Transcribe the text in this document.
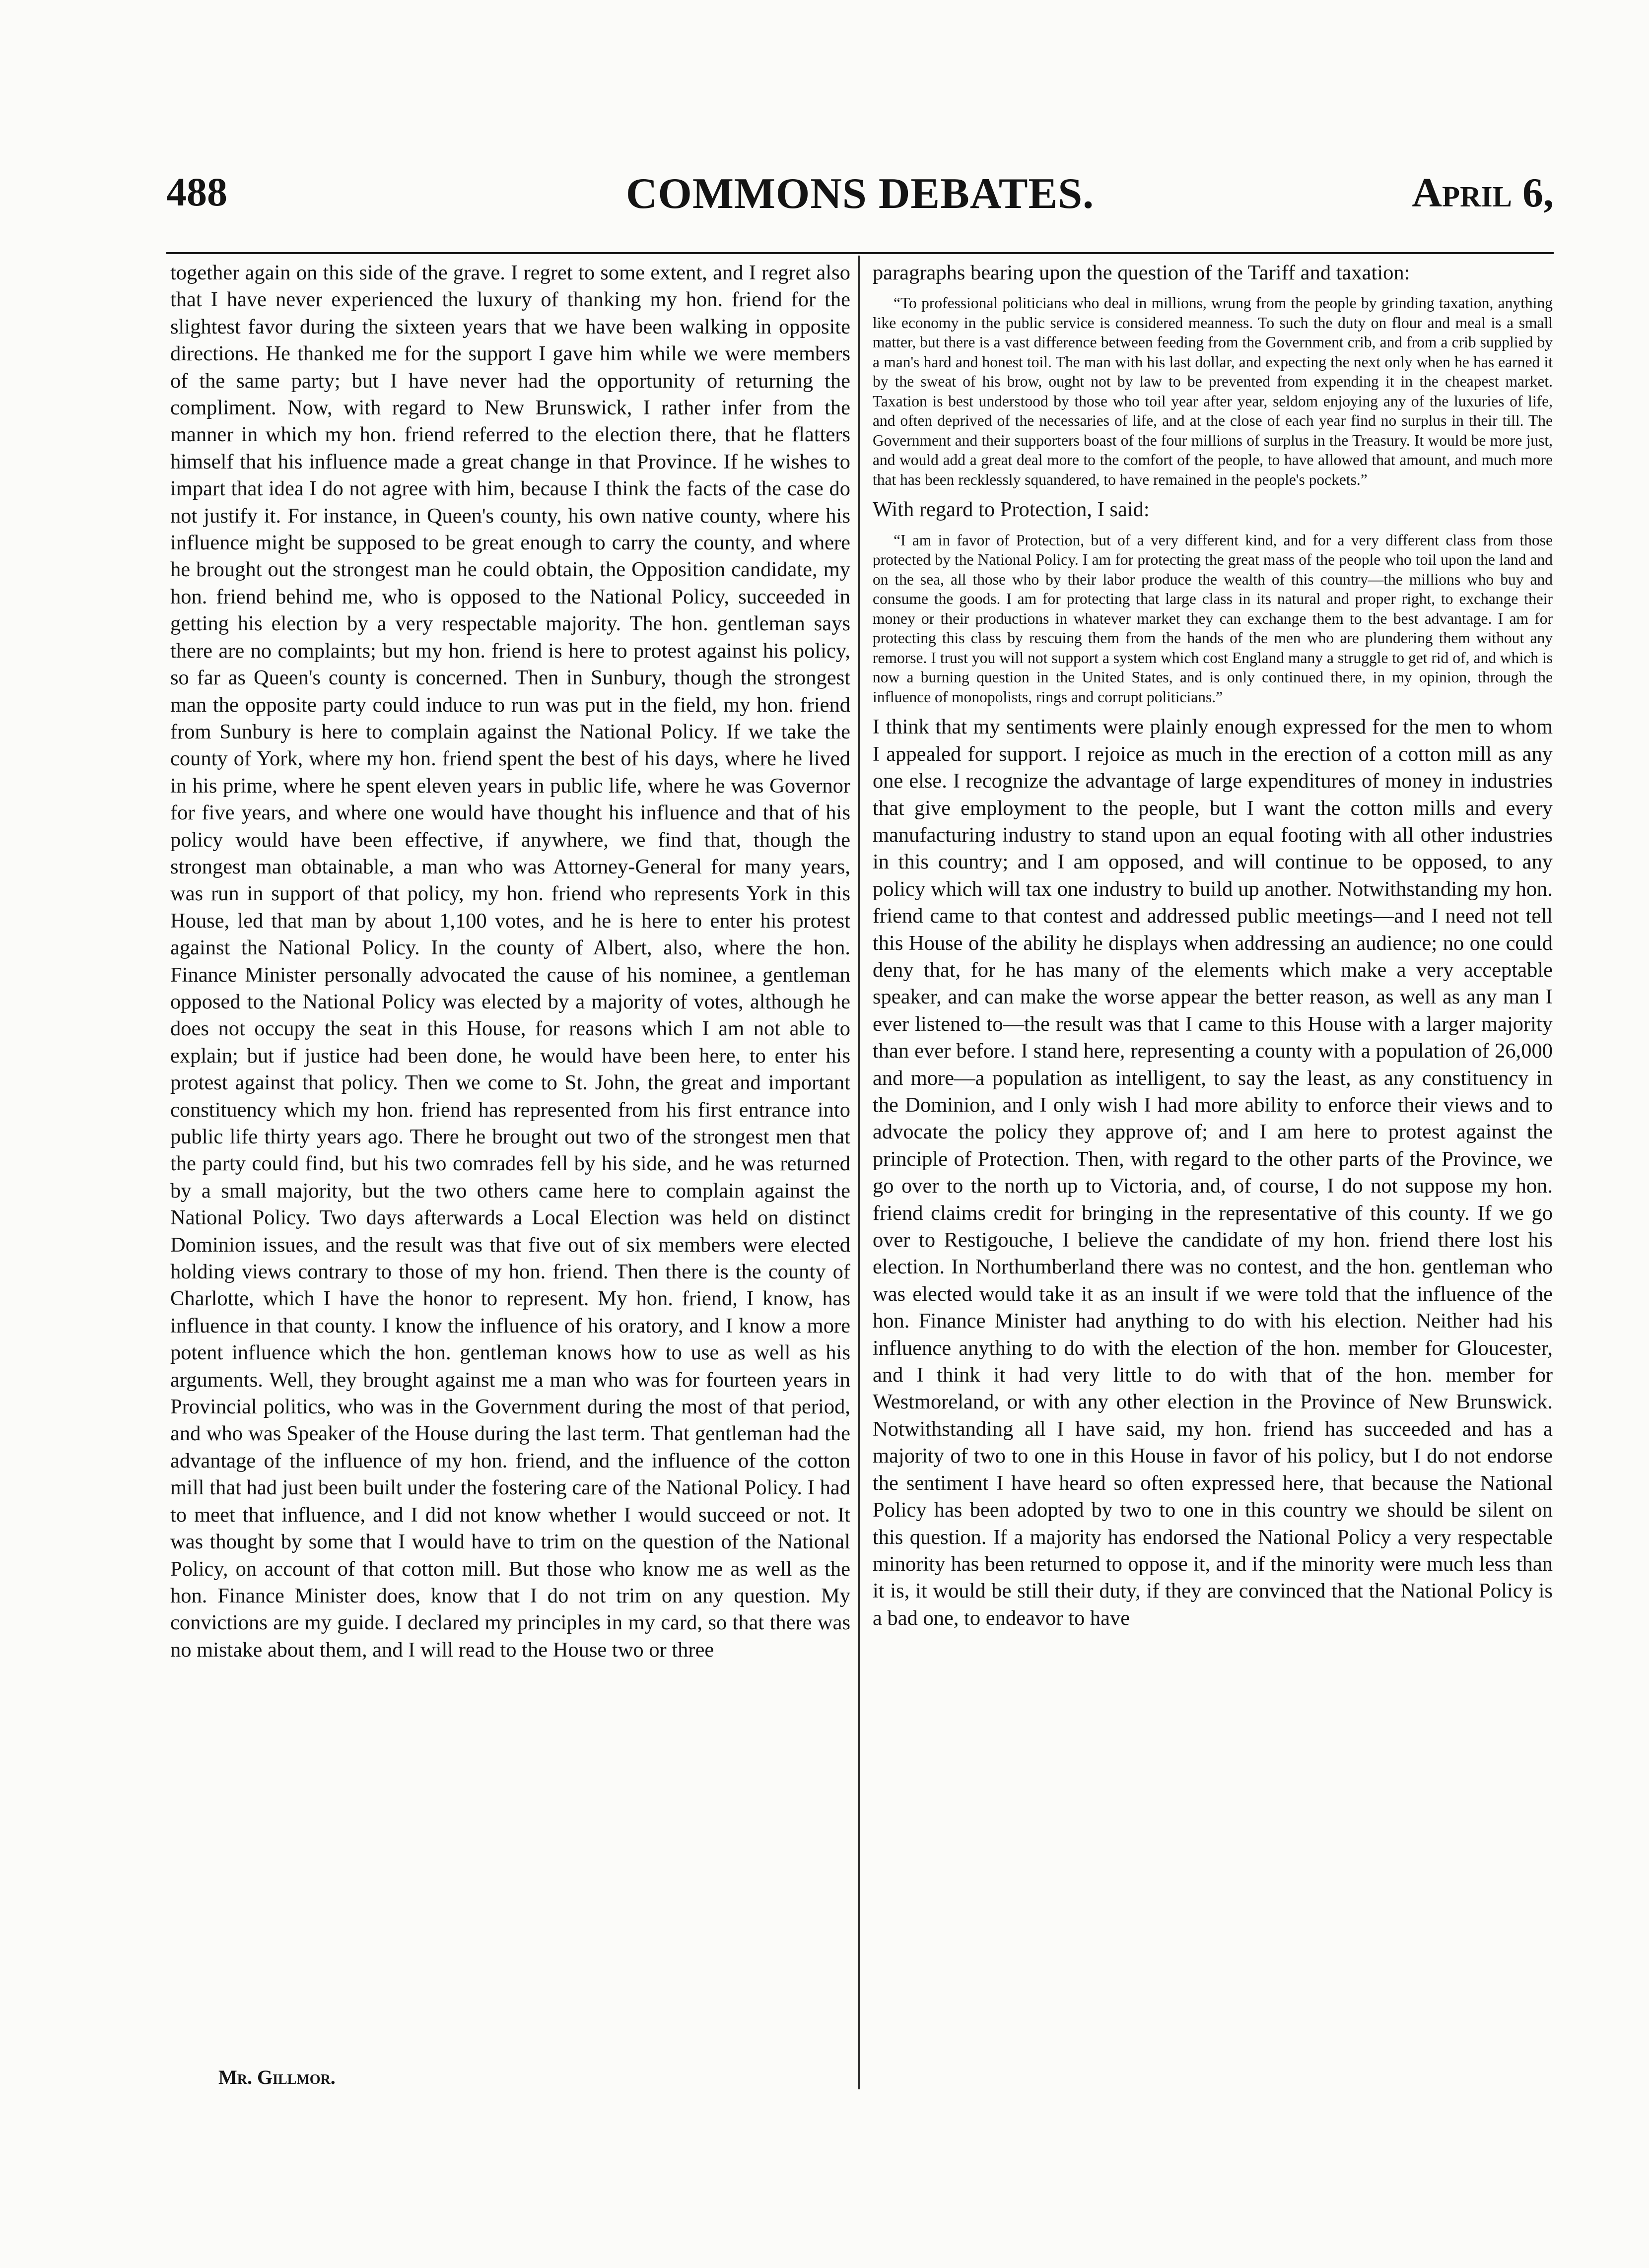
488	COMMONS DEBATES.	April 6,

together again on this side of the grave. I regret to some extent, and I regret also that I have never experienced the luxury of thanking my hon. friend for the slightest favor during the sixteen years that we have been walking in opposite directions. He thanked me for the support I gave him while we were members of the same party; but I have never had the opportunity of returning the compliment. Now, with regard to New Brunswick, I rather infer from the manner in which my hon. friend referred to the election there, that he flatters himself that his influence made a great change in that Province. If he wishes to impart that idea I do not agree with him, because I think the facts of the case do not justify it. For instance, in Queen's county, his own native county, where his influence might be supposed to be great enough to carry the county, and where he brought out the strongest man he could obtain, the Opposition candidate, my hon. friend behind me, who is opposed to the National Policy, succeeded in getting his election by a very respectable majority. The hon. gentleman says there are no complaints; but my hon. friend is here to protest against his policy, so far as Queen's county is concerned. Then in Sunbury, though the strongest man the opposite party could induce to run was put in the field, my hon. friend from Sunbury is here to complain against the National Policy. If we take the county of York, where my hon. friend spent the best of his days, where he lived in his prime, where he spent eleven years in public life, where he was Governor for five years, and where one would have thought his influence and that of his policy would have been effective, if anywhere, we find that, though the strongest man obtainable, a man who was Attorney-General for many years, was run in support of that policy, my hon. friend who represents York in this House, led that man by about 1,100 votes, and he is here to enter his protest against the National Policy. In the county of Albert, also, where the hon. Finance Minister personally advocated the cause of his nominee, a gentleman opposed to the National Policy was elected by a majority of votes, although he does not occupy the seat in this House, for reasons which I am not able to explain; but if justice had been done, he would have been here, to enter his protest against that policy. Then we come to St. John, the great and important constituency which my hon. friend has represented from his first entrance into public life thirty years ago. There he brought out two of the strongest men that the party could find, but his two comrades fell by his side, and he was returned by a small majority, but the two others came here to complain against the National Policy. Two days afterwards a Local Election was held on distinct Dominion issues, and the result was that five out of six members were elected holding views contrary to those of my hon. friend. Then there is the county of Charlotte, which I have the honor to represent. My hon. friend, I know, has influence in that county. I know the influence of his oratory, and I know a more potent influence which the hon. gentleman knows how to use as well as his arguments. Well, they brought against me a man who was for fourteen years in Provincial politics, who was in the Government during the most of that period, and who was Speaker of the House during the last term. That gentleman had the advantage of the influence of my hon. friend, and the influence of the cotton mill that had just been built under the fostering care of the National Policy. I had to meet that influence, and I did not know whether I would succeed or not. It was thought by some that I would have to trim on the question of the National Policy, on account of that cotton mill. But those who know me as well as the hon. Finance Minister does, know that I do not trim on any question. My convictions are my guide. I declared my principles in my card, so that there was no mistake about them, and I will read to the House two or three

paragraphs bearing upon the question of the Tariff and taxation:

“To professional politicians who deal in millions, wrung from the people by grinding taxation, anything like economy in the public service is considered meanness. To such the duty on flour and meal is a small matter, but there is a vast difference between feeding from the Government crib, and from a crib supplied by a man's hard and honest toil. The man with his last dollar, and expecting the next only when he has earned it by the sweat of his brow, ought not by law to be prevented from expending it in the cheapest market. Taxation is best understood by those who toil year after year, seldom enjoying any of the luxuries of life, and often deprived of the necessaries of life, and at the close of each year find no surplus in their till. The Government and their supporters boast of the four millions of surplus in the Treasury. It would be more just, and would add a great deal more to the comfort of the people, to have allowed that amount, and much more that has been recklessly squandered, to have remained in the people's pockets.”

With regard to Protection, I said:

“I am in favor of Protection, but of a very different kind, and for a very different class from those protected by the National Policy. I am for protecting the great mass of the people who toil upon the land and on the sea, all those who by their labor produce the wealth of this country—the millions who buy and consume the goods. I am for protecting that large class in its natural and proper right, to exchange their money or their productions in whatever market they can exchange them to the best advantage. I am for protecting this class by rescuing them from the hands of the men who are plundering them without any remorse. I trust you will not support a system which cost England many a struggle to get rid of, and which is now a burning question in the United States, and is only continued there, in my opinion, through the influence of monopolists, rings and corrupt politicians.”

I think that my sentiments were plainly enough expressed for the men to whom I appealed for support. I rejoice as much in the erection of a cotton mill as any one else. I recognize the advantage of large expenditures of money in industries that give employment to the people, but I want the cotton mills and every manufacturing industry to stand upon an equal footing with all other industries in this country; and I am opposed, and will continue to be opposed, to any policy which will tax one industry to build up another. Notwithstanding my hon. friend came to that contest and addressed public meetings—and I need not tell this House of the ability he displays when addressing an audience; no one could deny that, for he has many of the elements which make a very acceptable speaker, and can make the worse appear the better reason, as well as any man I ever listened to—the result was that I came to this House with a larger majority than ever before. I stand here, representing a county with a population of 26,000 and more—a population as intelligent, to say the least, as any constituency in the Dominion, and I only wish I had more ability to enforce their views and to advocate the policy they approve of; and I am here to protest against the principle of Protection. Then, with regard to the other parts of the Province, we go over to the north up to Victoria, and, of course, I do not suppose my hon. friend claims credit for bringing in the representative of this county. If we go over to Restigouche, I believe the candidate of my hon. friend there lost his election. In Northumberland there was no contest, and the hon. gentleman who was elected would take it as an insult if we were told that the influence of the hon. Finance Minister had anything to do with his election. Neither had his influence anything to do with the election of the hon. member for Gloucester, and I think it had very little to do with that of the hon. member for Westmoreland, or with any other election in the Province of New Brunswick. Notwithstanding all I have said, my hon. friend has succeeded and has a majority of two to one in this House in favor of his policy, but I do not endorse the sentiment I have heard so often expressed here, that because the National Policy has been adopted by two to one in this country we should be silent on this question. If a majority has endorsed the National Policy a very respectable minority has been returned to oppose it, and if the minority were much less than it is, it would be still their duty, if they are convinced that the National Policy is a bad one, to endeavor to have

Mr. Gillmor.
